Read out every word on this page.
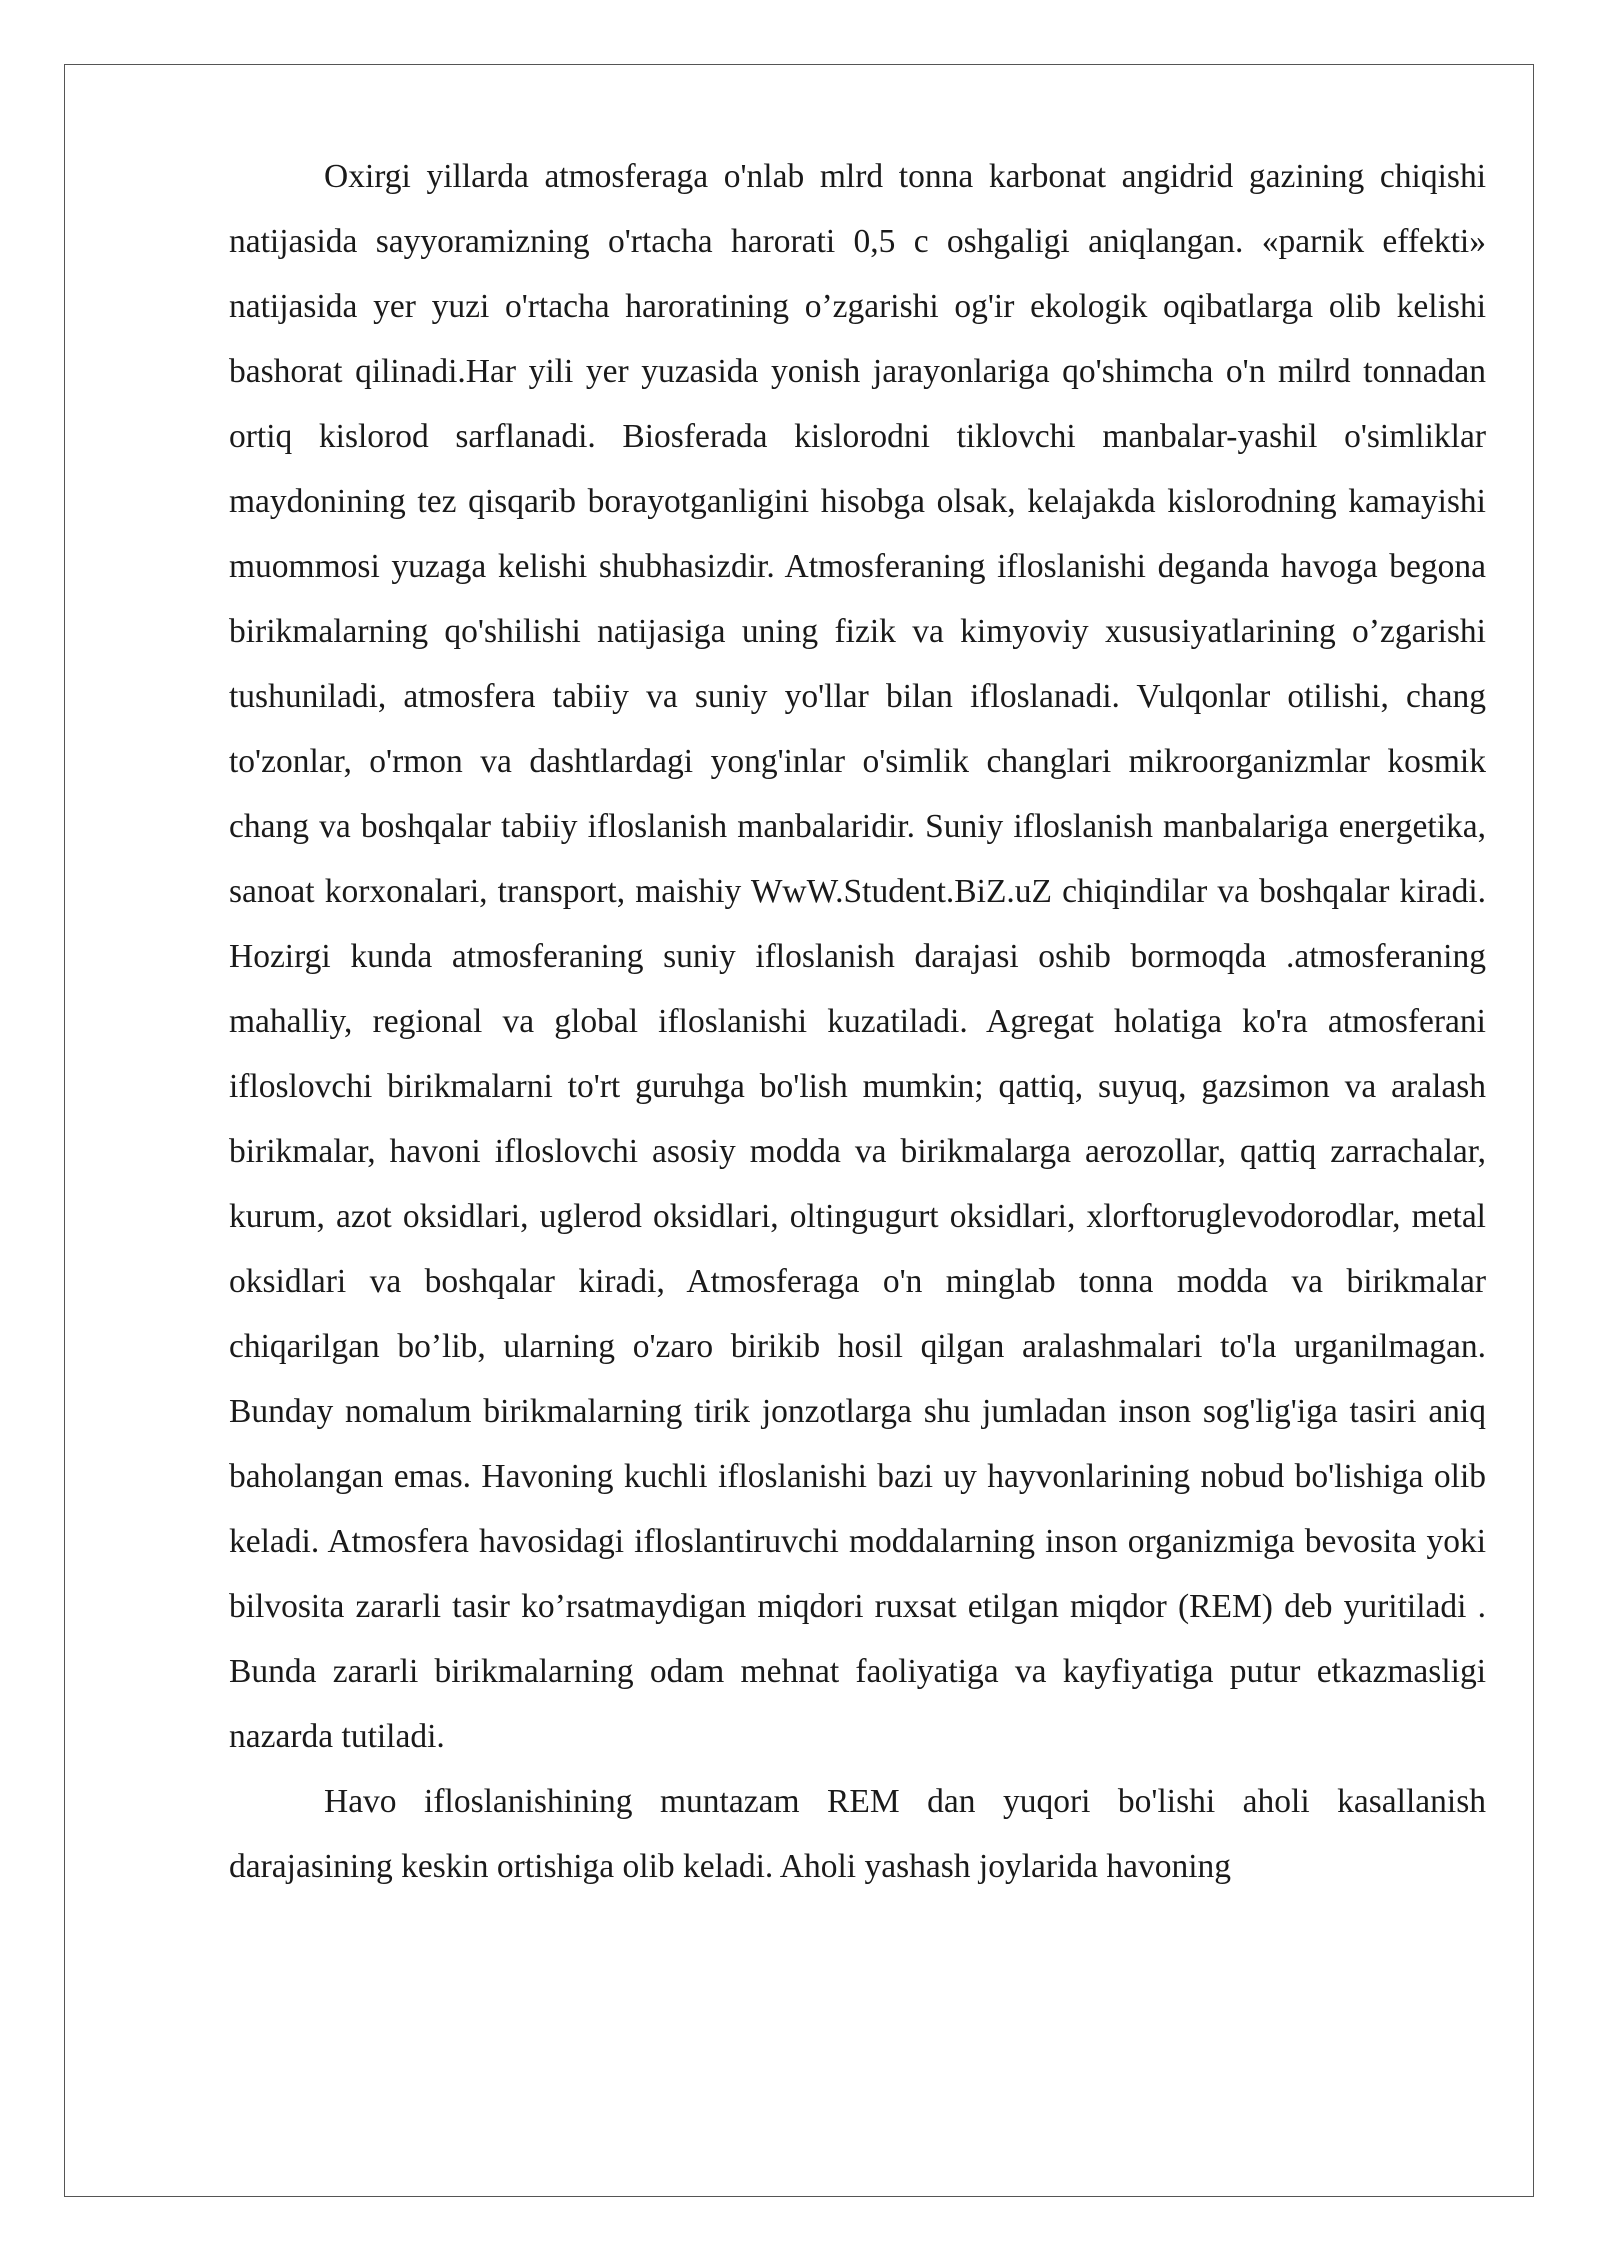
Oxirgi yillarda atmosferaga o'nlab mlrd tonna karbonat angidrid gazining chiqishi natijasida sayyoramizning o'rtacha harorati 0,5 c oshgaligi aniqlangan. «parnik effekti» natijasida yer yuzi o'rtacha haroratining o’zgarishi og'ir ekologik oqibatlarga olib kelishi bashorat qilinadi.Har yili yer yuzasida yonish jarayonlariga qo'shimcha o'n milrd tonnadan ortiq kislorod sarflanadi. Biosferada kislorodni tiklovchi manbalar-yashil o'simliklar maydonining tez qisqarib borayotganligini hisobga olsak, kelajakda kislorodning kamayishi muommosi yuzaga kelishi shubhasizdir. Atmosferaning ifloslanishi deganda havoga begona birikmalarning qo'shilishi natijasiga uning fizik va kimyoviy xususiyatlarining o’zgarishi tushuniladi, atmosfera tabiiy va suniy yo'llar bilan ifloslanadi. Vulqonlar otilishi, chang to'zonlar, o'rmon va dashtlardagi yong'inlar o'simlik changlari mikroorganizmlar kosmik chang va boshqalar tabiiy ifloslanish manbalaridir. Suniy ifloslanish manbalariga energetika, sanoat korxonalari, transport, maishiy WwW.Student.BiZ.uZ chiqindilar va boshqalar kiradi. Hozirgi kunda atmosferaning suniy ifloslanish darajasi oshib bormoqda .atmosferaning mahalliy, regional va global ifloslanishi kuzatiladi. Agregat holatiga ko'ra atmosferani ifloslovchi birikmalarni to'rt guruhga bo'lish mumkin; qattiq, suyuq, gazsimon va aralash birikmalar, havoni ifloslovchi asosiy modda va birikmalarga aerozollar, qattiq zarrachalar, kurum, azot oksidlari, uglerod oksidlari, oltingugurt oksidlari, xlorftoruglevodorodlar, metal oksidlari va boshqalar kiradi, Atmosferaga o'n minglab tonna modda va birikmalar chiqarilgan bo’lib, ularning o'zaro birikib hosil qilgan aralashmalari to'la urganilmagan. Bunday nomalum birikmalarning tirik jonzotlarga shu jumladan inson sog'lig'iga tasiri aniq baholangan emas. Havoning kuchli ifloslanishi bazi uy hayvonlarining nobud bo'lishiga olib keladi. Atmosfera havosidagi ifloslantiruvchi moddalarning inson organizmiga bevosita yoki bilvosita zararli tasir ko’rsatmaydigan miqdori ruxsat etilgan miqdor (REM) deb yuritiladi . Bunda zararli birikmalarning odam mehnat faoliyatiga va kayfiyatiga putur etkazmasligi nazarda tutiladi.

Havo ifloslanishining muntazam REM dan yuqori bo'lishi aholi kasallanish darajasining keskin ortishiga olib keladi. Aholi yashash joylarida havoning
